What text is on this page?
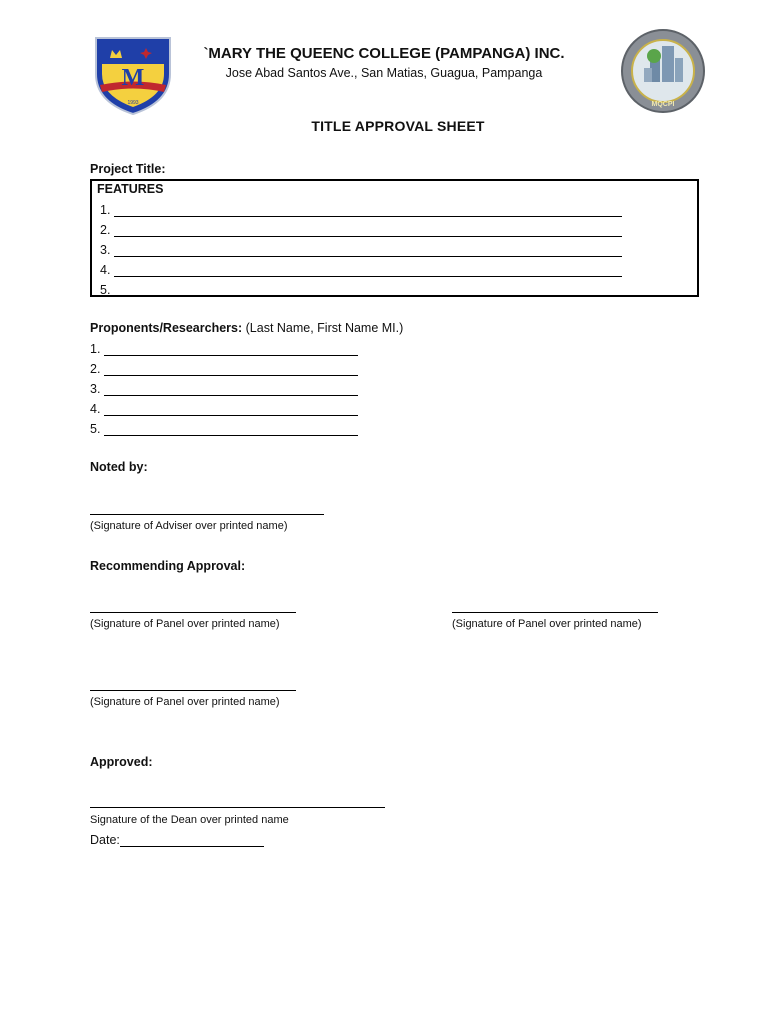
M
1993	MQCPI
`MARY THE QUEENC COLLEGE (PAMPANGA) INC.
Jose Abad Santos Ave., San Matias, Guagua, Pampanga
TITLE APPROVAL SHEET
Project Title:
FEATURES
1.
2.
3.
4.
5.
Proponents/Researchers: (Last Name, First Name MI.)
1.
2.
3.
4.
5.
Noted by:
(Signature of Adviser over printed name)
Recommending Approval:
(Signature of Panel over printed name)	(Signature of Panel over printed name)
(Signature of Panel over printed name)
Approved:
Signature of the Dean over printed name
Date:
